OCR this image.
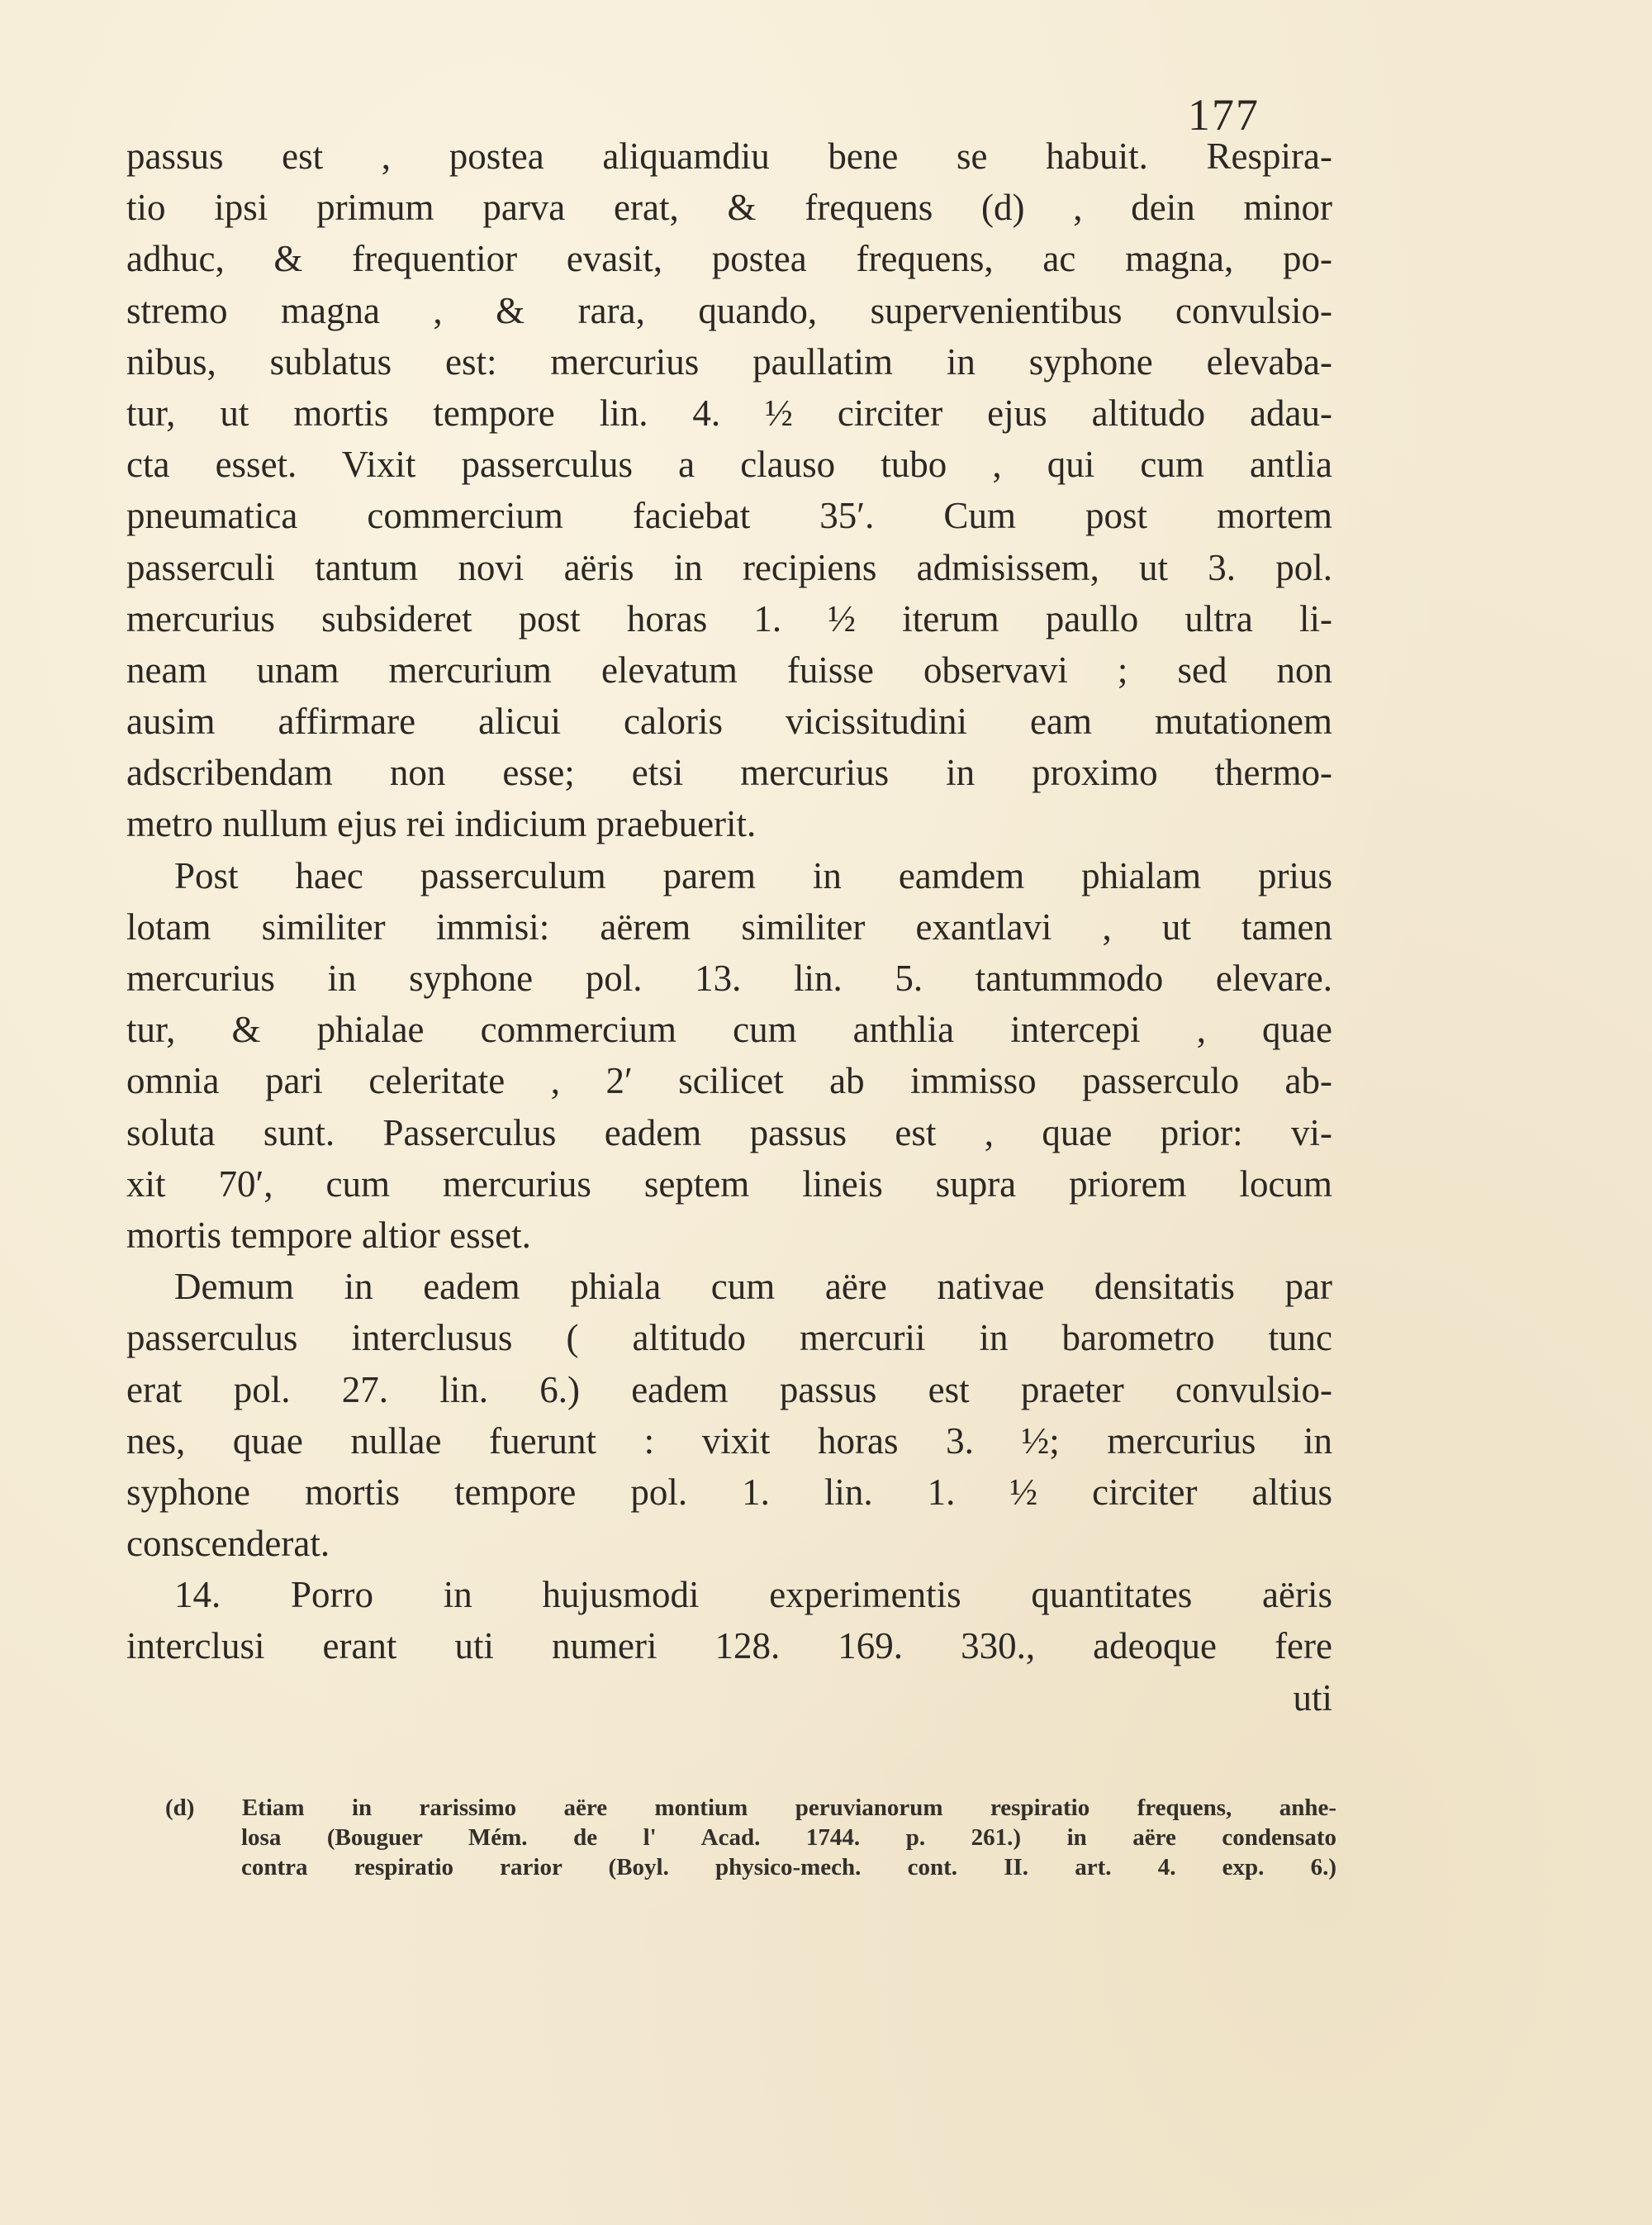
177
passus est , postea aliquamdiu bene se habuit. Respira-
tio ipsi primum parva erat, & frequens (d) , dein minor
adhuc, & frequentior evasit, postea frequens, ac magna, po-
stremo magna , & rara, quando, supervenientibus convulsio-
nibus, sublatus est: mercurius paullatim in syphone elevaba-
tur, ut mortis tempore lin. 4. ½ circiter ejus altitudo adau-
cta esset. Vixit passerculus a clauso tubo , qui cum antlia
pneumatica commercium faciebat 35′. Cum post mortem
passerculi tantum novi aëris in recipiens admisissem, ut 3. pol.
mercurius subsideret post horas 1. ½ iterum paullo ultra li-
neam unam mercurium elevatum fuisse observavi ; sed non
ausim affirmare alicui caloris vicissitudini eam mutationem
adscribendam non esse; etsi mercurius in proximo thermo-
metro nullum ejus rei indicium praebuerit.
Post haec passerculum parem in eamdem phialam prius
lotam similiter immisi: aërem similiter exantlavi , ut tamen
mercurius in syphone pol. 13. lin. 5. tantummodo elevare.
tur, & phialae commercium cum anthlia intercepi , quae
omnia pari celeritate , 2′ scilicet ab immisso passerculo ab-
soluta sunt. Passerculus eadem passus est , quae prior: vi-
xit 70′, cum mercurius septem lineis supra priorem locum
mortis tempore altior esset.
Demum in eadem phiala cum aëre nativae densitatis par
passerculus interclusus ( altitudo mercurii in barometro tunc
erat pol. 27. lin. 6.) eadem passus est praeter convulsio-
nes, quae nullae fuerunt : vixit horas 3. ½; mercurius in
syphone mortis tempore pol. 1. lin. 1. ½ circiter altius
conscenderat.
14. Porro in hujusmodi experimentis quantitates aëris
interclusi erant uti numeri 128. 169. 330., adeoque fere
uti
(d) Etiam in rarissimo aëre montium peruvianorum respiratio frequens, anhe-
losa (Bouguer Mém. de l' Acad. 1744. p. 261.) in aëre condensato
contra respiratio rarior (Boyl. physico-mech. cont. II. art. 4. exp. 6.)
